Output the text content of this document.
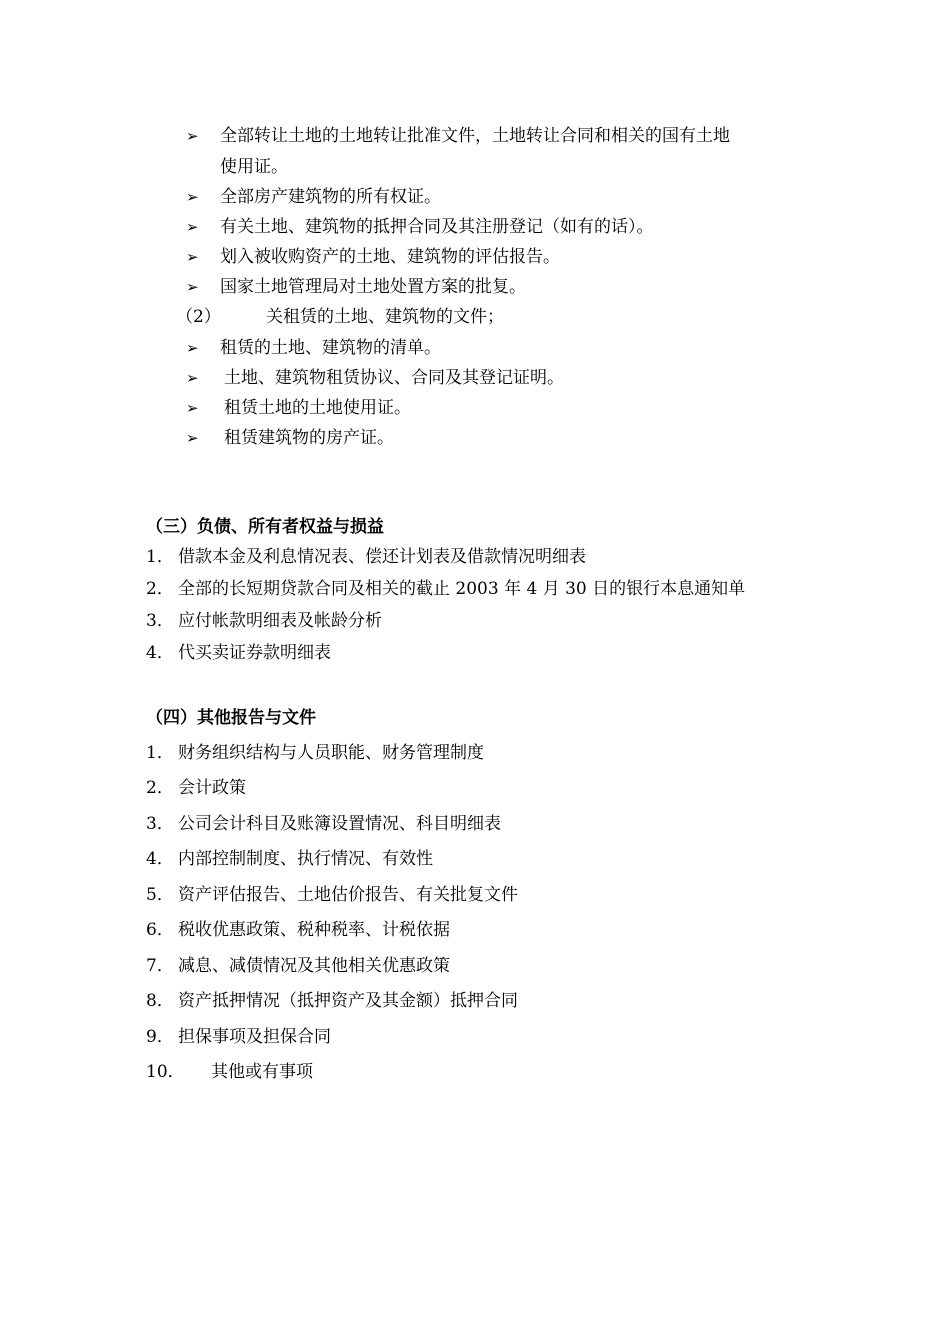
➢ 全部转让土地的土地转让批准文件，土地转让合同和相关的国有土地
使用证。
➢ 全部房产建筑物的所有权证。
➢ 有关土地、建筑物的抵押合同及其注册登记（如有的话）。
➢ 划入被收购资产的土地、建筑物的评估报告。
➢ 国家土地管理局对土地处置方案的批复。
（2）	关租赁的土地、建筑物的文件；
➢ 租赁的土地、建筑物的清单。
➢ 土地、建筑物租赁协议、合同及其登记证明。
➢ 租赁土地的土地使用证。
➢ 租赁建筑物的房产证。
（三）负债、所有者权益与损益
1． 借款本金及利息情况表、偿还计划表及借款情况明细表
2． 全部的长短期贷款合同及相关的截止 2003 年 4 月 30 日的银行本息通知单
3． 应付帐款明细表及帐龄分析
4． 代买卖证券款明细表
（四）其他报告与文件
1． 财务组织结构与人员职能、财务管理制度
2． 会计政策
3． 公司会计科目及账簿设置情况、科目明细表
4． 内部控制制度、执行情况、有效性
5． 资产评估报告、土地估价报告、有关批复文件
6． 税收优惠政策、税种税率、计税依据
7． 减息、减债情况及其他相关优惠政策
8． 资产抵押情况（抵押资产及其金额）抵押合同
9． 担保事项及担保合同
10． 其他或有事项
